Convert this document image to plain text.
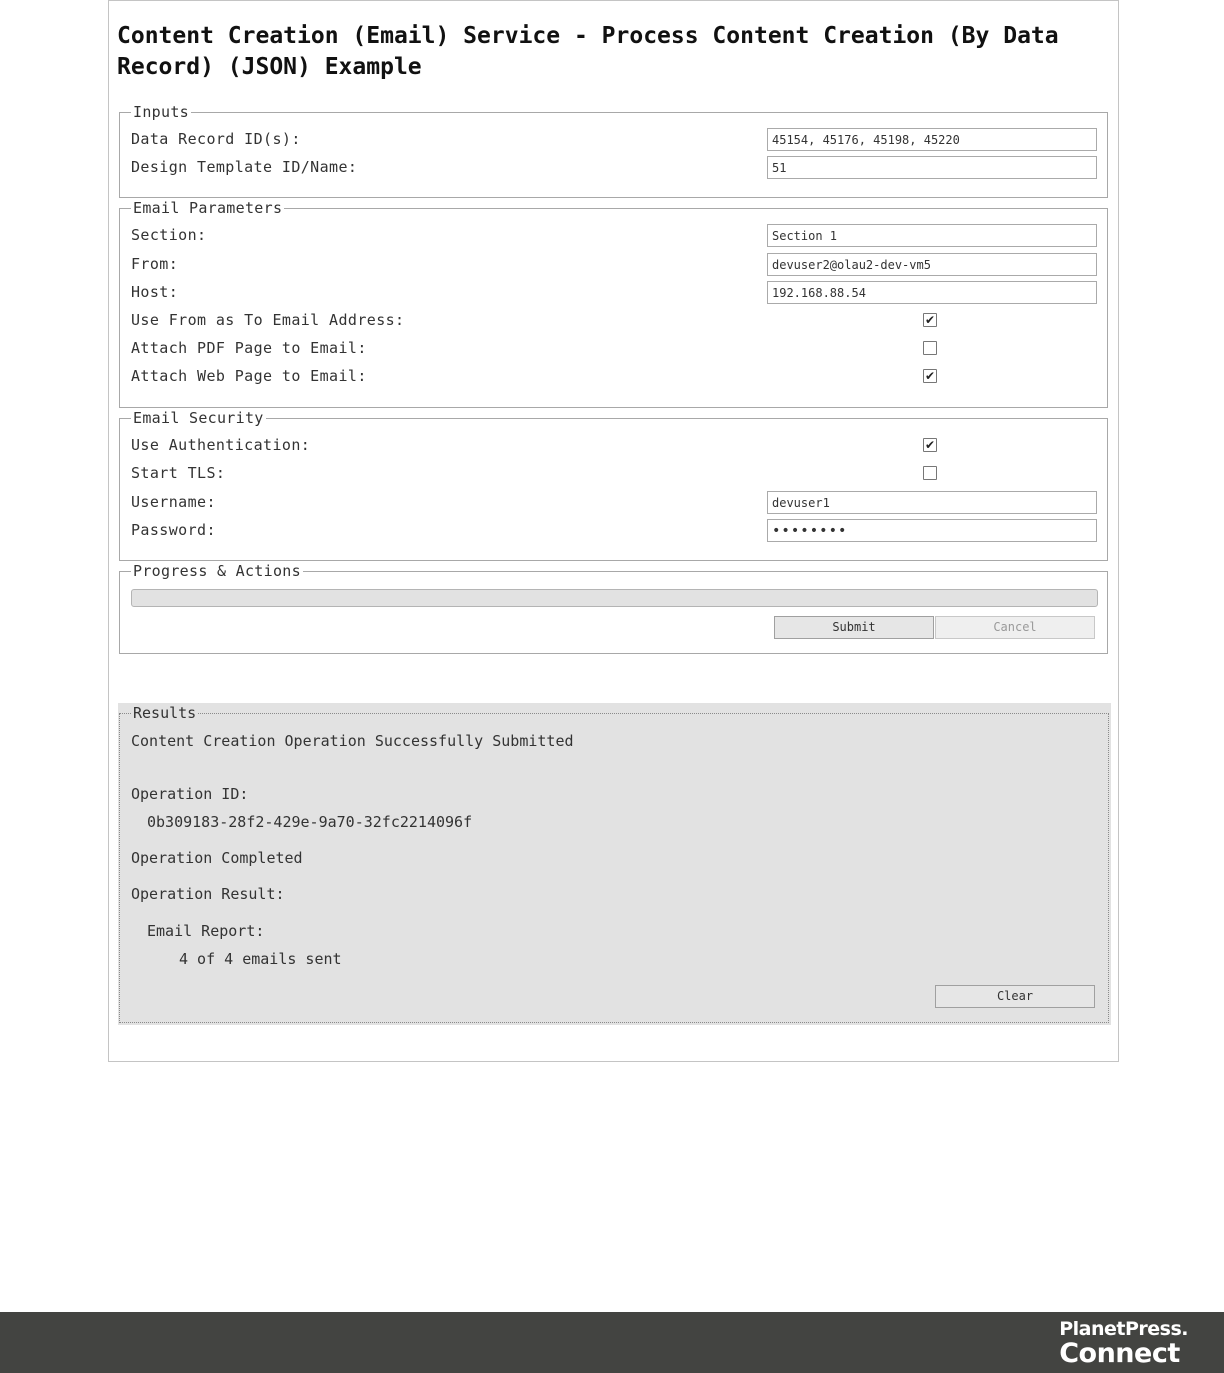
Content Creation (Email) Service - Process Content Creation (By Data Record) (JSON) Example
Inputs
Data Record ID(s):
45154, 45176, 45198, 45220
Design Template ID/Name:
51
Email Parameters
Section:
Section 1
From:
devuser2@olau2-dev-vm5
Host:
192.168.88.54
Use From as To Email Address:	✔
Attach PDF Page to Email:
Attach Web Page to Email:	✔
Email Security
Use Authentication:	✔
Start TLS:
Username:
devuser1
Password:
••••••••
Progress & Actions
Submit	Cancel
Results
Content Creation Operation Successfully Submitted
Operation ID:
0b309183-28f2-429e-9a70-32fc2214096f
Operation Completed
Operation Result:
Email Report:
4 of 4 emails sent
Clear
PlanetPress.
Connect
